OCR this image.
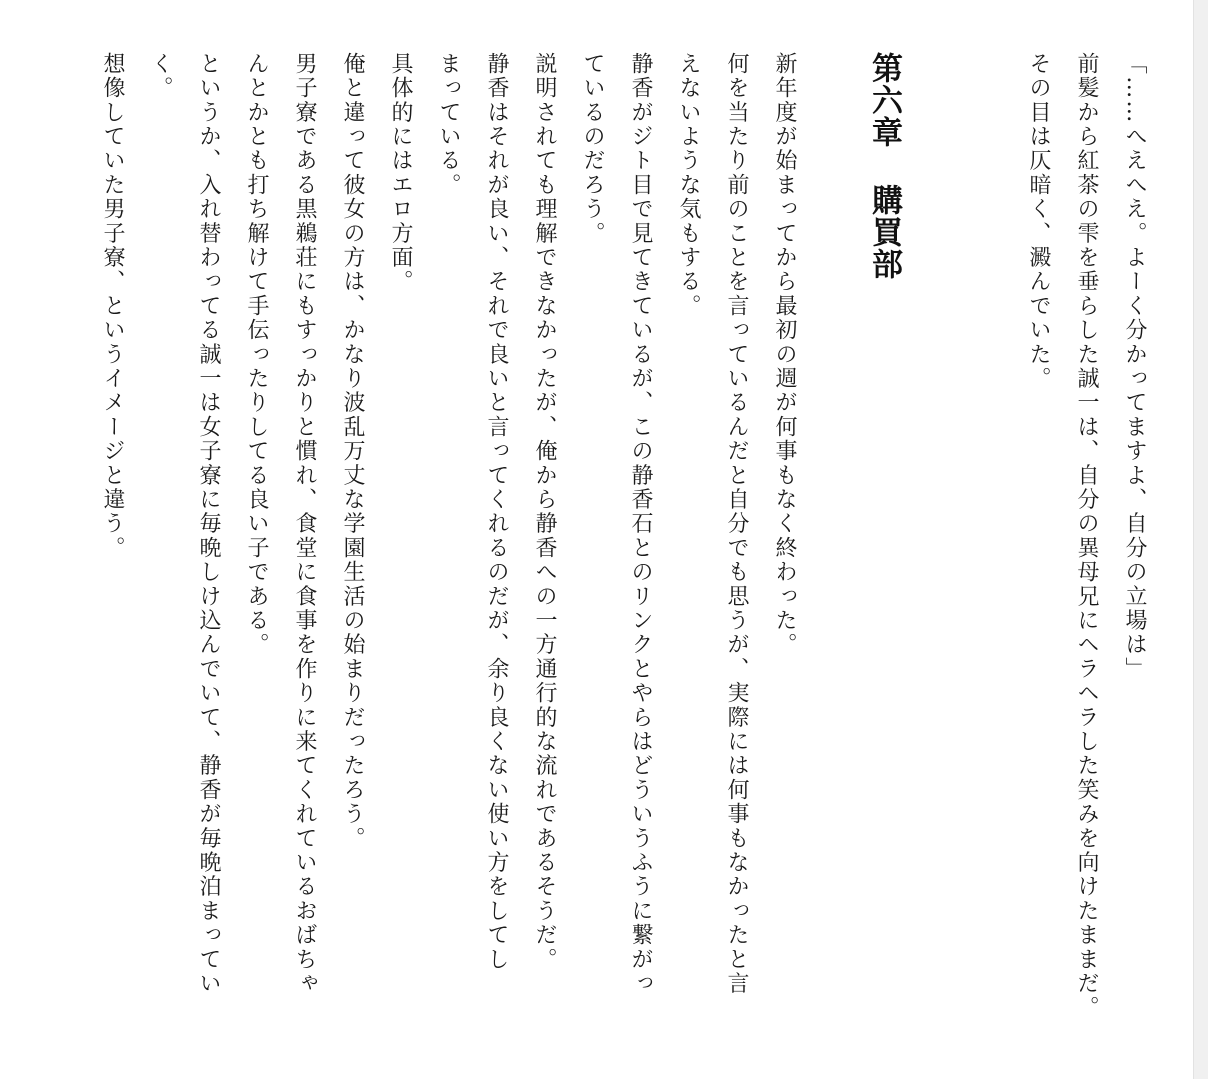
「……へえへえ。よーく分かってますよ、自分の立場は」

前髪から紅茶の雫を垂らした誠一は、自分の異母兄にヘラヘラした笑みを向けたままだ。

その目は仄暗く、澱んでいた。

第六章購買部

新年度が始まってから最初の週が何事もなく終わった。

何を当たり前のことを言っているんだと自分でも思うが、実際には何事もなかったと言

えないような気もする。

静香がジト目で見てきているが、この静香石とのリンクとやらはどういうふうに繋がっ

ているのだろう。

説明されても理解できなかったが、俺から静香への一方通行的な流れであるそうだ。

静香はそれが良い、それで良いと言ってくれるのだが、余り良くない使い方をしてし

まっている。

具体的にはエロ方面。

俺と違って彼女の方は、かなり波乱万丈な学園生活の始まりだったろう。

男子寮である黒鵜荘にもすっかりと慣れ、食堂に食事を作りに来てくれているおばちゃ

んとかとも打ち解けて手伝ったりしてる良い子である。

というか、入れ替わってる誠一は女子寮に毎晩しけ込んでいて、静香が毎晩泊まってい

く。

想像していた男子寮、というイメージと違う。
